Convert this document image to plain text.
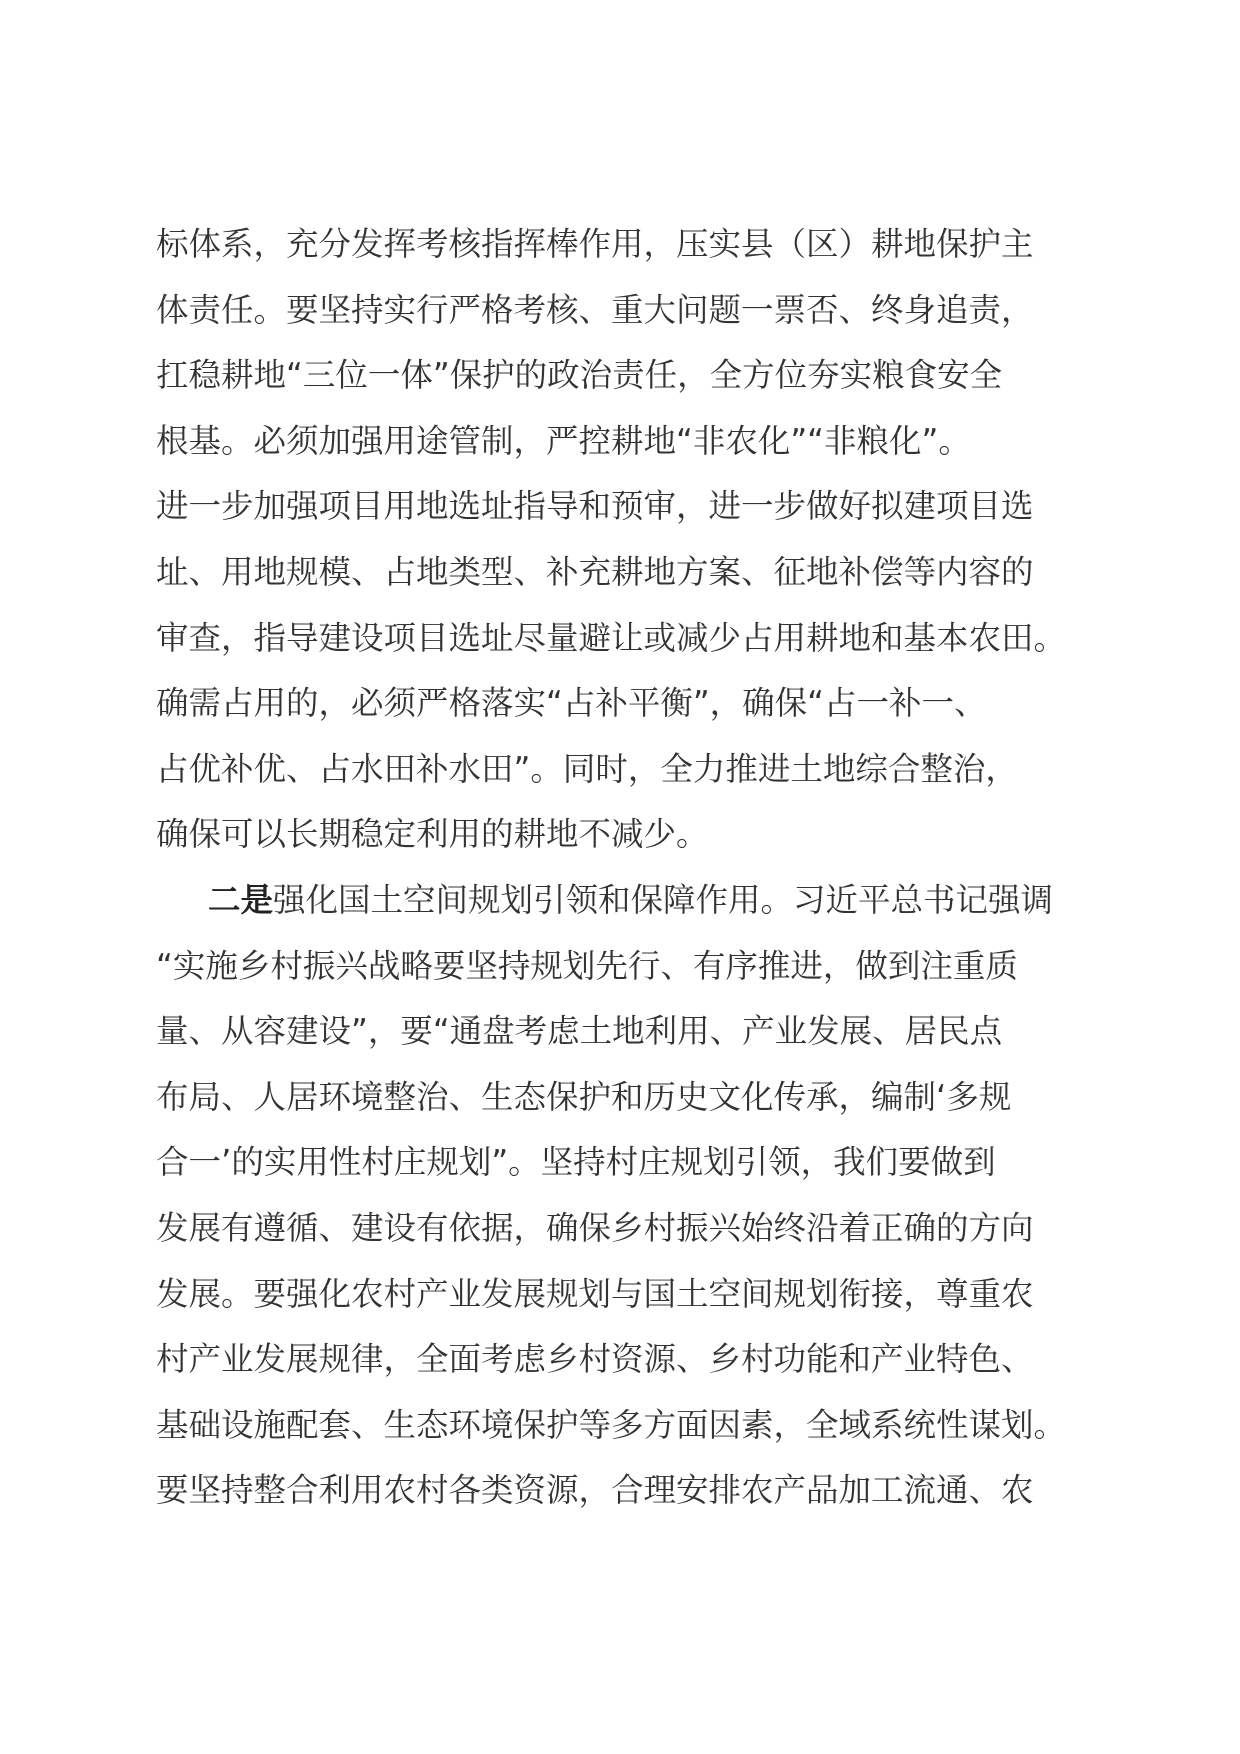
标体系，充分发挥考核指挥棒作用，压实县（区）耕地保护主
体责任。要坚持实行严格考核、重大问题一票否、终身追责，
扛稳耕地“三位一体”保护的政治责任，全方位夯实粮食安全
根基。必须加强用途管制，严控耕地“非农化”“非粮化”。
进一步加强项目用地选址指导和预审，进一步做好拟建项目选
址、用地规模、占地类型、补充耕地方案、征地补偿等内容的
审查，指导建设项目选址尽量避让或减少占用耕地和基本农田。
确需占用的，必须严格落实“占补平衡”，确保“占一补一、
占优补优、占水田补水田”。同时，全力推进土地综合整治，
确保可以长期稳定利用的耕地不减少。
二是强化国土空间规划引领和保障作用。习近平总书记强调
“实施乡村振兴战略要坚持规划先行、有序推进，做到注重质
量、从容建设”，要“通盘考虑土地利用、产业发展、居民点
布局、人居环境整治、生态保护和历史文化传承，编制‘多规
合一’的实用性村庄规划”。坚持村庄规划引领，我们要做到
发展有遵循、建设有依据，确保乡村振兴始终沿着正确的方向
发展。要强化农村产业发展规划与国土空间规划衔接，尊重农
村产业发展规律，全面考虑乡村资源、乡村功能和产业特色、
基础设施配套、生态环境保护等多方面因素，全域系统性谋划。
要坚持整合利用农村各类资源，合理安排农产品加工流通、农
